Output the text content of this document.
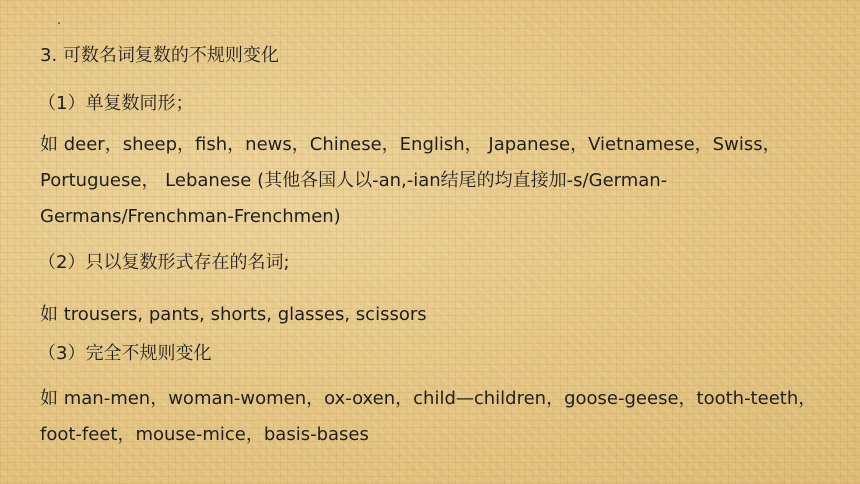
3. 可数名词复数的不规则变化
（1）单复数同形；
如 deer，sheep，fish，news，Chinese，English， Japanese，Vietnamese，Swiss，Portuguese， Lebanese (其他各国人以-an,-ian结尾的均直接加-s/German-Germans/Frenchman-Frenchmen)
（2）只以复数形式存在的名词;
如 trousers, pants, shorts, glasses, scissors
（3）完全不规则变化
如 man-men，woman-women，ox-oxen，child—children，goose-geese，tooth-teeth，foot-feet，mouse-mice，basis-bases
